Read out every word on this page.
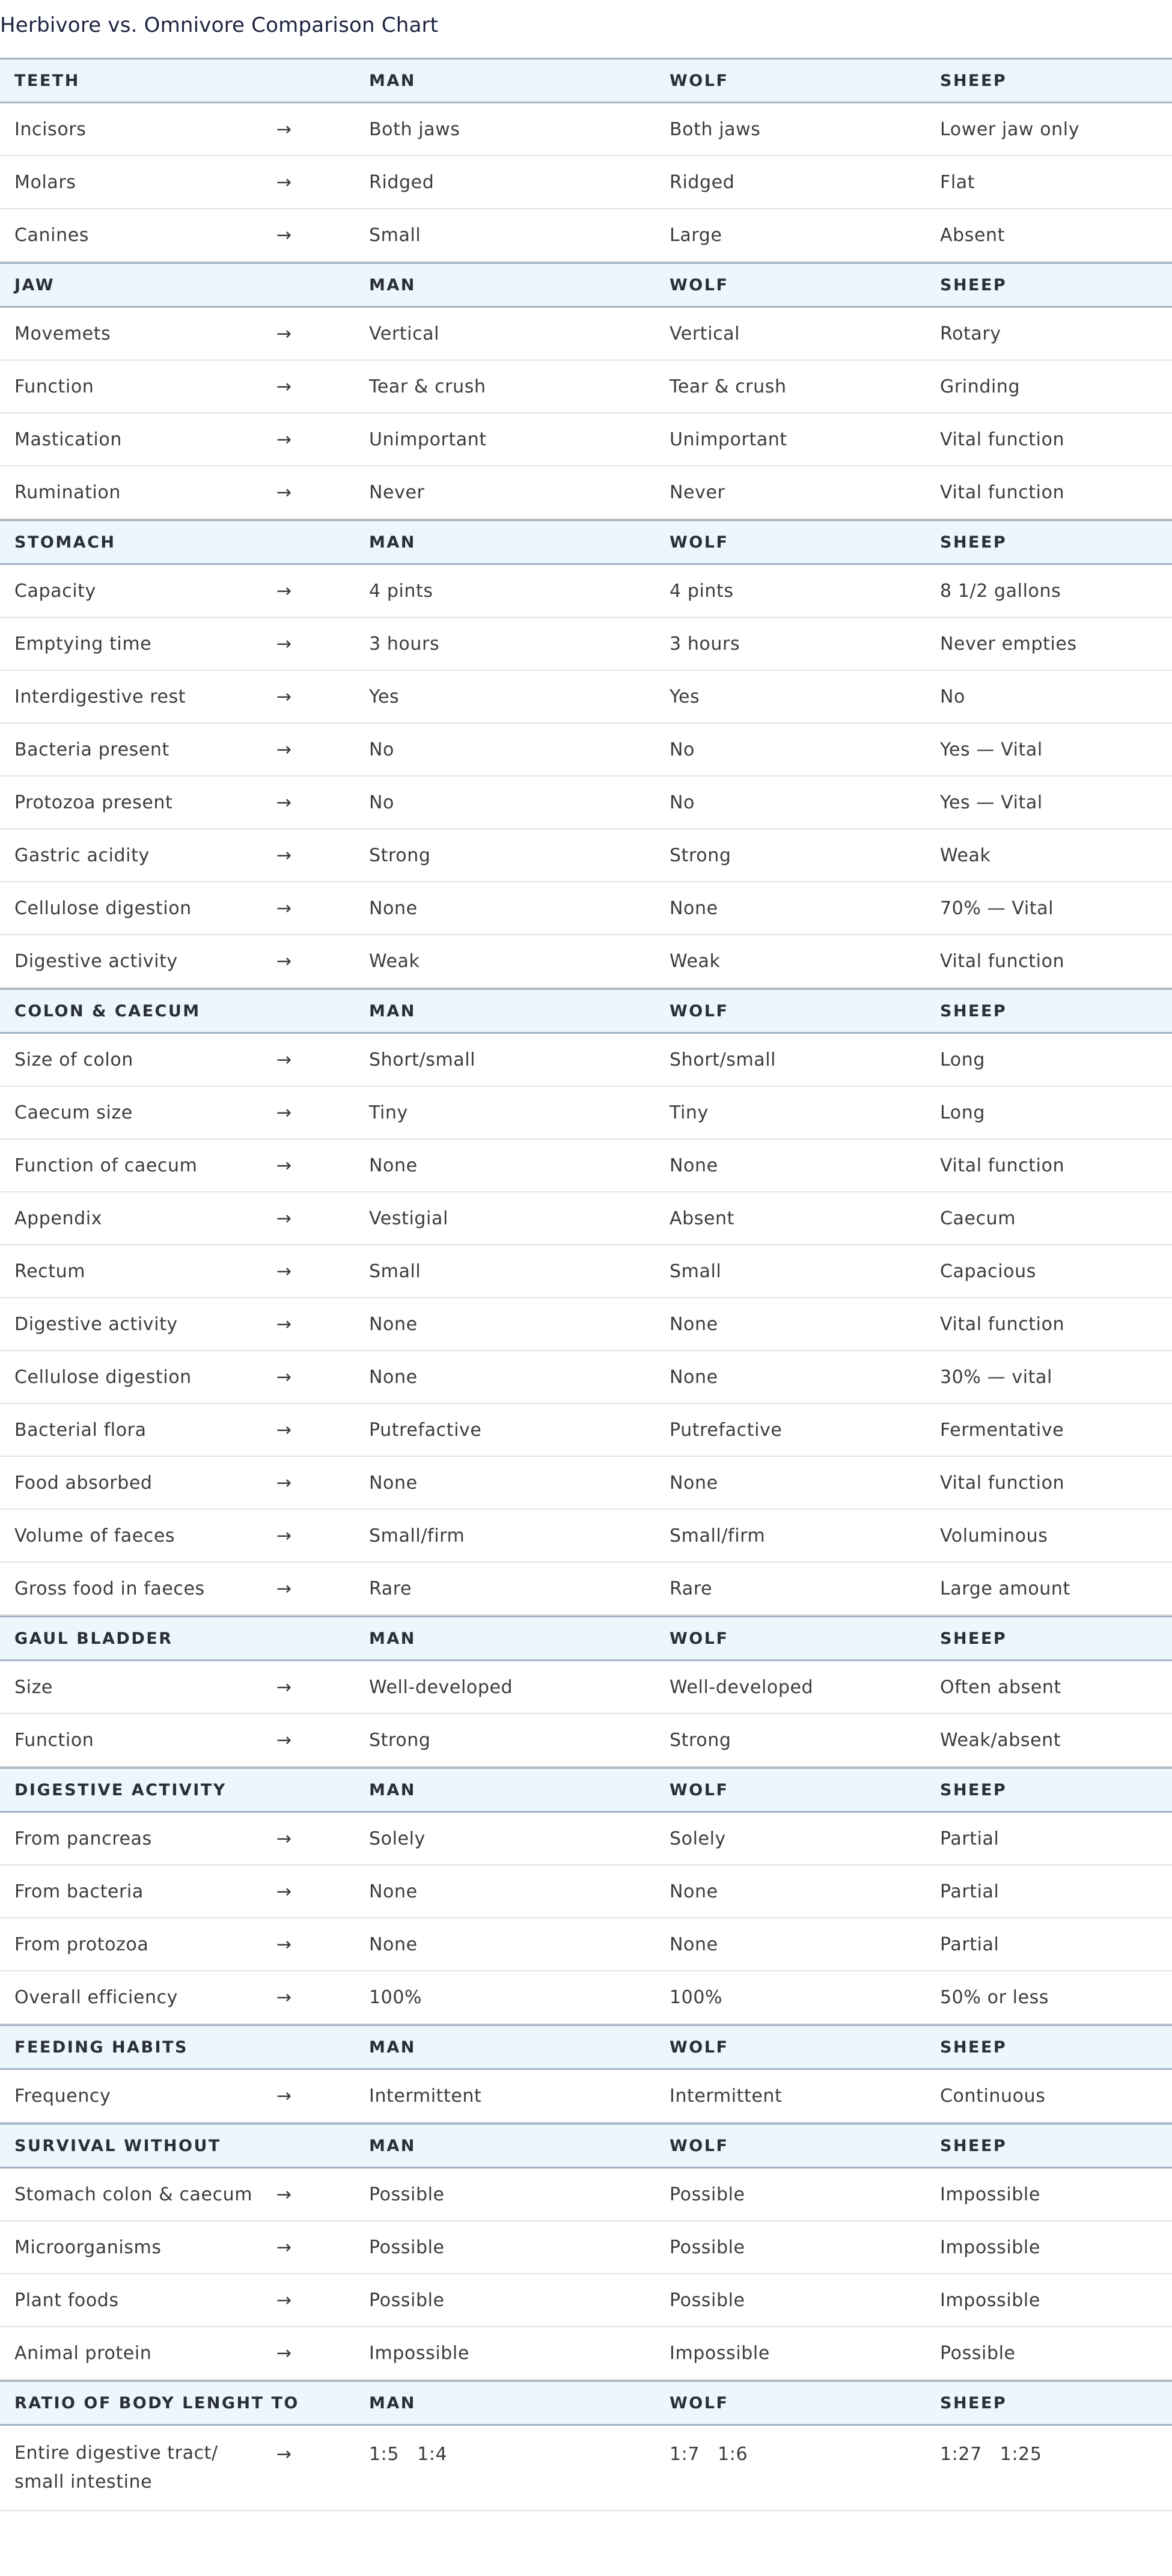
Herbivore vs. Omnivore Comparison Chart
TEETH	MAN	WOLF	SHEEP
Incisors	→	Both jaws	Both jaws	Lower jaw only
Molars	→	Ridged	Ridged	Flat
Canines	→	Small	Large	Absent
JAW	MAN	WOLF	SHEEP
Movemets	→	Vertical	Vertical	Rotary
Function	→	Tear & crush	Tear & crush	Grinding
Mastication	→	Unimportant	Unimportant	Vital function
Rumination	→	Never	Never	Vital function
STOMACH	MAN	WOLF	SHEEP
Capacity	→	4 pints	4 pints	8 1/2 gallons
Emptying time	→	3 hours	3 hours	Never empties
Interdigestive rest	→	Yes	Yes	No
Bacteria present	→	No	No	Yes — Vital
Protozoa present	→	No	No	Yes — Vital
Gastric acidity	→	Strong	Strong	Weak
Cellulose digestion	→	None	None	70% — Vital
Digestive activity	→	Weak	Weak	Vital function
COLON & CAECUM	MAN	WOLF	SHEEP
Size of colon	→	Short/small	Short/small	Long
Caecum size	→	Tiny	Tiny	Long
Function of caecum	→	None	None	Vital function
Appendix	→	Vestigial	Absent	Caecum
Rectum	→	Small	Small	Capacious
Digestive activity	→	None	None	Vital function
Cellulose digestion	→	None	None	30% — vital
Bacterial flora	→	Putrefactive	Putrefactive	Fermentative
Food absorbed	→	None	None	Vital function
Volume of faeces	→	Small/firm	Small/firm	Voluminous
Gross food in faeces	→	Rare	Rare	Large amount
GAUL BLADDER	MAN	WOLF	SHEEP
Size	→	Well-developed	Well-developed	Often absent
Function	→	Strong	Strong	Weak/absent
DIGESTIVE ACTIVITY	MAN	WOLF	SHEEP
From pancreas	→	Solely	Solely	Partial
From bacteria	→	None	None	Partial
From protozoa	→	None	None	Partial
Overall efficiency	→	100%	100%	50% or less
FEEDING HABITS	MAN	WOLF	SHEEP
Frequency	→	Intermittent	Intermittent	Continuous
SURVIVAL WITHOUT	MAN	WOLF	SHEEP
Stomach colon & caecum →	Possible	Possible	Impossible
Microorganisms	→	Possible	Possible	Impossible
Plant foods	→	Possible	Possible	Impossible
Animal protein	→	Impossible	Impossible	Possible
RATIO OF BODY LENGHT TO	MAN	WOLF	SHEEP
Entire digestive tract/
small intestine
→	1:5 1:4	1:7 1:6	1:27 1:25
